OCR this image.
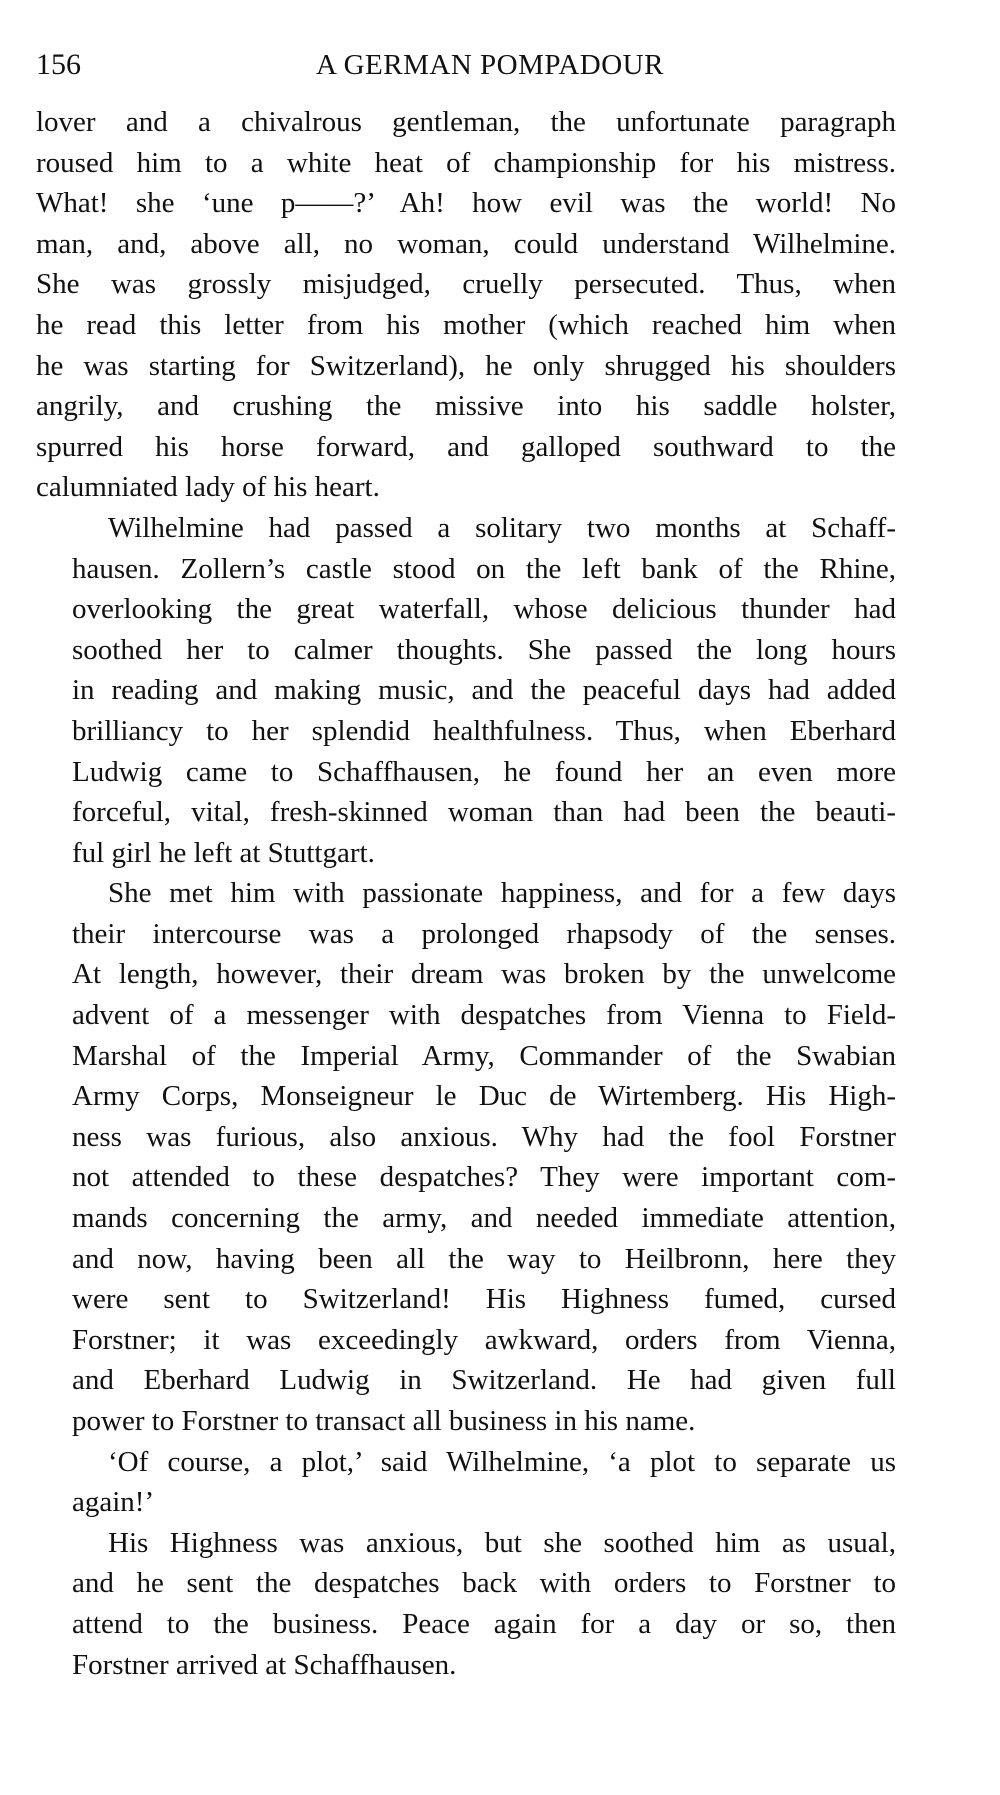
156	A GERMAN POMPADOUR

lover and a chivalrous gentleman, the unfortunate paragraph
roused him to a white heat of championship for his mistress.
What! she ‘une p——?’ Ah! how evil was the world! No
man, and, above all, no woman, could understand Wilhelmine.
She was grossly misjudged, cruelly persecuted. Thus, when
he read this letter from his mother (which reached him when
he was starting for Switzerland), he only shrugged his shoulders
angrily, and crushing the missive into his saddle holster,
spurred his horse forward, and galloped southward to the
calumniated lady of his heart.

Wilhelmine had passed a solitary two months at Schaff-
hausen. Zollern’s castle stood on the left bank of the Rhine,
overlooking the great waterfall, whose delicious thunder had
soothed her to calmer thoughts. She passed the long hours
in reading and making music, and the peaceful days had added
brilliancy to her splendid healthfulness. Thus, when Eberhard
Ludwig came to Schaffhausen, he found her an even more
forceful, vital, fresh-skinned woman than had been the beauti-
ful girl he left at Stuttgart.

She met him with passionate happiness, and for a few days
their intercourse was a prolonged rhapsody of the senses.
At length, however, their dream was broken by the unwelcome
advent of a messenger with despatches from Vienna to Field-
Marshal of the Imperial Army, Commander of the Swabian
Army Corps, Monseigneur le Duc de Wirtemberg. His High-
ness was furious, also anxious. Why had the fool Forstner
not attended to these despatches? They were important com-
mands concerning the army, and needed immediate attention,
and now, having been all the way to Heilbronn, here they
were sent to Switzerland! His Highness fumed, cursed
Forstner; it was exceedingly awkward, orders from Vienna,
and Eberhard Ludwig in Switzerland. He had given full
power to Forstner to transact all business in his name.

‘Of course, a plot,’ said Wilhelmine, ‘a plot to separate us
again!’

His Highness was anxious, but she soothed him as usual,
and he sent the despatches back with orders to Forstner to
attend to the business. Peace again for a day or so, then
Forstner arrived at Schaffhausen.
